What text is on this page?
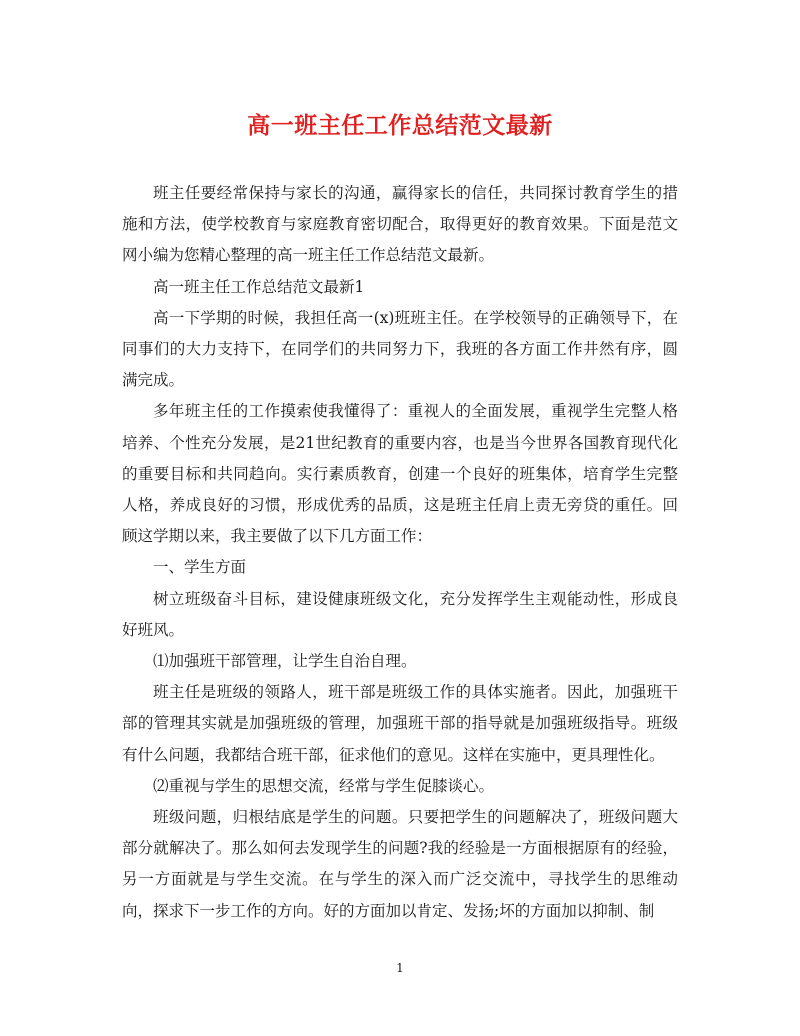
高一班主任工作总结范文最新

班主任要经常保持与家长的沟通，赢得家长的信任，共同探讨教育学生的措施和方法，使学校教育与家庭教育密切配合，取得更好的教育效果。下面是范文网小编为您精心整理的高一班主任工作总结范文最新。

高一班主任工作总结范文最新1

高一下学期的时候，我担任高一(x)班班主任。在学校领导的正确领导下，在同事们的大力支持下，在同学们的共同努力下，我班的各方面工作井然有序，圆满完成。

多年班主任的工作摸索使我懂得了：重视人的全面发展，重视学生完整人格培养、个性充分发展，是21世纪教育的重要内容，也是当今世界各国教育现代化的重要目标和共同趋向。实行素质教育，创建一个良好的班集体，培育学生完整人格，养成良好的习惯，形成优秀的品质，这是班主任肩上责无旁贷的重任。回顾这学期以来，我主要做了以下几方面工作：

一、学生方面

树立班级奋斗目标，建设健康班级文化，充分发挥学生主观能动性，形成良好班风。

⑴加强班干部管理，让学生自治自理。

班主任是班级的领路人，班干部是班级工作的具体实施者。因此，加强班干部的管理其实就是加强班级的管理，加强班干部的指导就是加强班级指导。班级有什么问题，我都结合班干部，征求他们的意见。这样在实施中，更具理性化。

⑵重视与学生的思想交流，经常与学生促膝谈心。

班级问题，归根结底是学生的问题。只要把学生的问题解决了，班级问题大部分就解决了。那么如何去发现学生的问题?我的经验是一方面根据原有的经验，另一方面就是与学生交流。在与学生的深入而广泛交流中，寻找学生的思维动向，探求下一步工作的方向。好的方面加以肯定、发扬;坏的方面加以抑制、制

1
